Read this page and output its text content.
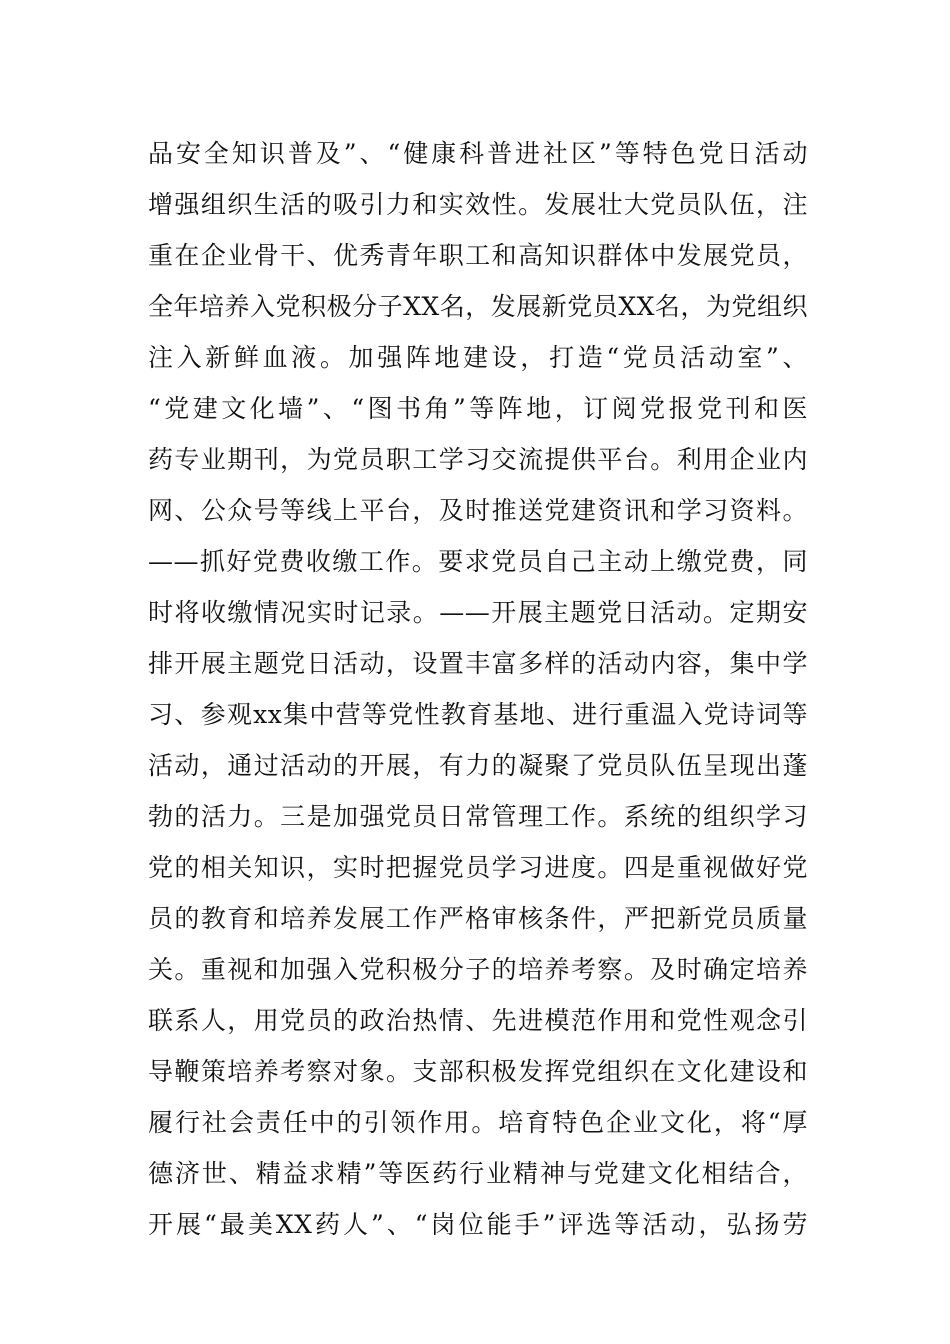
品安全知识普及”、“健康科普进社区”等特色党日活动
增强组织生活的吸引力和实效性。发展壮大党员队伍，注
重在企业骨干、优秀青年职工和高知识群体中发展党员，
全年培养入党积极分子XX名，发展新党员XX名，为党组织
注入新鲜血液。加强阵地建设，打造“党员活动室”、
“党建文化墙”、“图书角”等阵地，订阅党报党刊和医
药专业期刊，为党员职工学习交流提供平台。利用企业内
网、公众号等线上平台，及时推送党建资讯和学习资料。
——抓好党费收缴工作。要求党员自己主动上缴党费，同
时将收缴情况实时记录。——开展主题党日活动。定期安
排开展主题党日活动，设置丰富多样的活动内容，集中学
习、参观xx集中营等党性教育基地、进行重温入党诗词等
活动，通过活动的开展，有力的凝聚了党员队伍呈现出蓬
勃的活力。三是加强党员日常管理工作。系统的组织学习
党的相关知识，实时把握党员学习进度。四是重视做好党
员的教育和培养发展工作严格审核条件，严把新党员质量
关。重视和加强入党积极分子的培养考察。及时确定培养
联系人，用党员的政治热情、先进模范作用和党性观念引
导鞭策培养考察对象。支部积极发挥党组织在文化建设和
履行社会责任中的引领作用。培育特色企业文化，将“厚
德济世、精益求精”等医药行业精神与党建文化相结合，
开展“最美XX药人”、“岗位能手”评选等活动，弘扬劳
